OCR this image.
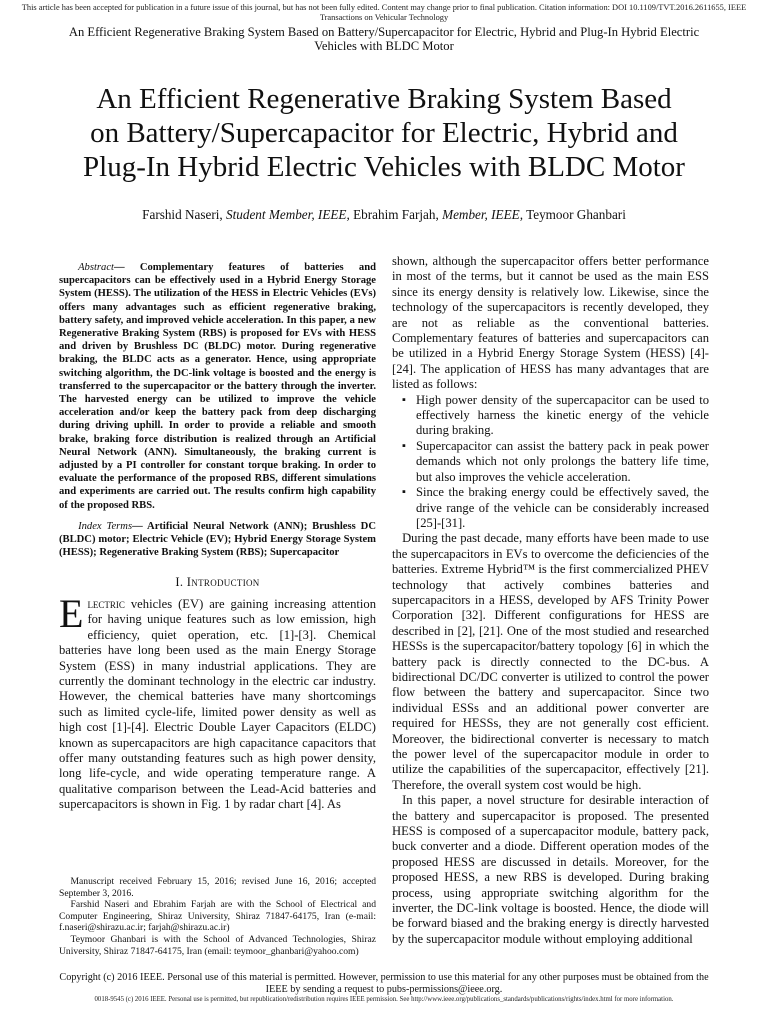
This article has been accepted for publication in a future issue of this journal, but has not been fully edited. Content may change prior to final publication. Citation information: DOI 10.1109/TVT.2016.2611655, IEEE
Transactions on Vehicular Technology
An Efficient Regenerative Braking System Based on Battery/Supercapacitor for Electric, Hybrid and Plug-In Hybrid Electric
Vehicles with BLDC Motor
An Efficient Regenerative Braking System Based
on Battery/Supercapacitor for Electric, Hybrid and
Plug-In Hybrid Electric Vehicles with BLDC Motor
Farshid Naseri, Student Member, IEEE, Ebrahim Farjah, Member, IEEE, Teymoor Ghanbari

Abstract— Complementary features of batteries and supercapacitors can be effectively used in a Hybrid Energy Storage System (HESS). The utilization of the HESS in Electric Vehicles (EVs) offers many advantages such as efficient regenerative braking, battery safety, and improved vehicle acceleration. In this paper, a new Regenerative Braking System (RBS) is proposed for EVs with HESS and driven by Brushless DC (BLDC) motor. During regenerative braking, the BLDC acts as a generator. Hence, using appropriate switching algorithm, the DC-link voltage is boosted and the energy is transferred to the supercapacitor or the battery through the inverter. The harvested energy can be utilized to improve the vehicle acceleration and/or keep the battery pack from deep discharging during driving uphill. In order to provide a reliable and smooth brake, braking force distribution is realized through an Artificial Neural Network (ANN). Simultaneously, the braking current is adjusted by a PI controller for constant torque braking. In order to evaluate the performance of the proposed RBS, different simulations and experiments are carried out. The results confirm high capability of the proposed RBS.

Index Terms— Artificial Neural Network (ANN); Brushless DC (BLDC) motor; Electric Vehicle (EV); Hybrid Energy Storage System (HESS); Regenerative Braking System (RBS); Supercapacitor

I. Introduction

Electric vehicles (EV) are gaining increasing attention for having unique features such as low emission, high efficiency, quiet operation, etc. [1]-[3]. Chemical batteries have long been used as the main Energy Storage System (ESS) in many industrial applications. They are currently the dominant technology in the electric car industry. However, the chemical batteries have many shortcomings such as limited cycle-life, limited power density as well as high cost [1]-[4]. Electric Double Layer Capacitors (ELDC) known as supercapacitors are high capacitance capacitors that offer many outstanding features such as high power density, long life-cycle, and wide operating temperature range. A qualitative comparison between the Lead-Acid batteries and supercapacitors is shown in Fig. 1 by radar chart [4]. As

Manuscript received February 15, 2016; revised June 16, 2016; accepted September 3, 2016.

Farshid Naseri and Ebrahim Farjah are with the School of Electrical and Computer Engineering, Shiraz University, Shiraz 71847-64175, Iran (e-mail: f.naseri@shirazu.ac.ir; farjah@shirazu.ac.ir)

Teymoor Ghanbari is with the School of Advanced Technologies, Shiraz University, Shiraz 71847-64175, Iran (email: teymoor_ghanbari@yahoo.com)

shown, although the supercapacitor offers better performance in most of the terms, but it cannot be used as the main ESS since its energy density is relatively low. Likewise, since the technology of the supercapacitors is recently developed, they are not as reliable as the conventional batteries. Complementary features of batteries and supercapacitors can be utilized in a Hybrid Energy Storage System (HESS) [4]-[24]. The application of HESS has many advantages that are listed as follows:

▪ High power density of the supercapacitor can be used to effectively harness the kinetic energy of the vehicle during braking.
▪ Supercapacitor can assist the battery pack in peak power demands which not only prolongs the battery life time, but also improves the vehicle acceleration.
▪ Since the braking energy could be effectively saved, the drive range of the vehicle can be considerably increased [25]-[31].

During the past decade, many efforts have been made to use the supercapacitors in EVs to overcome the deficiencies of the batteries. Extreme Hybrid™ is the first commercialized PHEV technology that actively combines batteries and supercapacitors in a HESS, developed by AFS Trinity Power Corporation [32]. Different configurations for HESS are described in [2], [21]. One of the most studied and researched HESSs is the supercapacitor/battery topology [6] in which the battery pack is directly connected to the DC-bus. A bidirectional DC/DC converter is utilized to control the power flow between the battery and supercapacitor. Since two individual ESSs and an additional power converter are required for HESSs, they are not generally cost efficient. Moreover, the bidirectional converter is necessary to match the power level of the supercapacitor module in order to utilize the capabilities of the supercapacitor, effectively [21]. Therefore, the overall system cost would be high.

In this paper, a novel structure for desirable interaction of the battery and supercapacitor is proposed. The presented HESS is composed of a supercapacitor module, battery pack, buck converter and a diode. Different operation modes of the proposed HESS are discussed in details. Moreover, for the proposed HESS, a new RBS is developed. During braking process, using appropriate switching algorithm for the inverter, the DC-link voltage is boosted. Hence, the diode will be forward biased and the braking energy is directly harvested by the supercapacitor module without employing additional

Copyright (c) 2016 IEEE. Personal use of this material is permitted. However, permission to use this material for any other purposes must be obtained from the
IEEE by sending a request to pubs-permissions@ieee.org.
0018-9545 (c) 2016 IEEE. Personal use is permitted, but republication/redistribution requires IEEE permission. See http://www.ieee.org/publications_standards/publications/rights/index.html for more information.
